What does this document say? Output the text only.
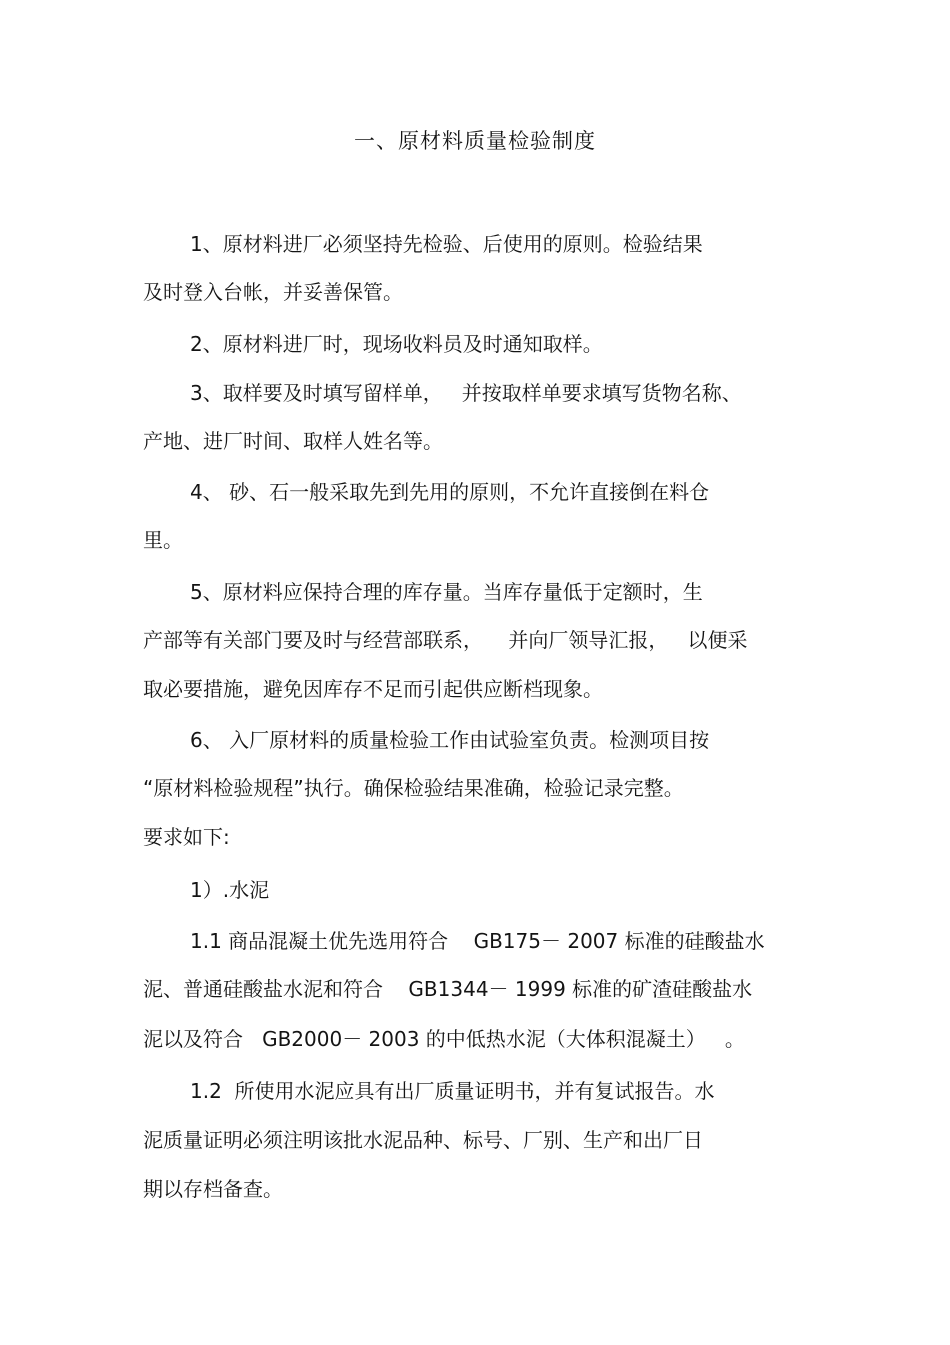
一、原材料质量检验制度
1、原材料进厂必须坚持先检验、后使用的原则。检验结果
及时登入台帐，并妥善保管。
2、原材料进厂时，现场收料员及时通知取样。
3、取样要及时填写留样单，   并按取样单要求填写货物名称、
产地、进厂时间、取样人姓名等。
4、 砂、石一般采取先到先用的原则，不允许直接倒在料仓
里。
5、原材料应保持合理的库存量。当库存量低于定额时，生
产部等有关部门要及时与经营部联系，    并向厂领导汇报，   以便采
取必要措施，避免因库存不足而引起供应断档现象。
6、 入厂原材料的质量检验工作由试验室负责。检测项目按
“原材料检验规程”执行。确保检验结果准确，检验记录完整。
要求如下:
1）.水泥
1.1 商品混凝土优先选用符合    GB175－ 2007 标准的硅酸盐水
泥、普通硅酸盐水泥和符合    GB1344－ 1999 标准的矿渣硅酸盐水
泥以及符合   GB2000－ 2003 的中低热水泥（大体积混凝土）   。
1.2  所使用水泥应具有出厂质量证明书，并有复试报告。水
泥质量证明必须注明该批水泥品种、标号、厂别、生产和出厂日
期以存档备查。
